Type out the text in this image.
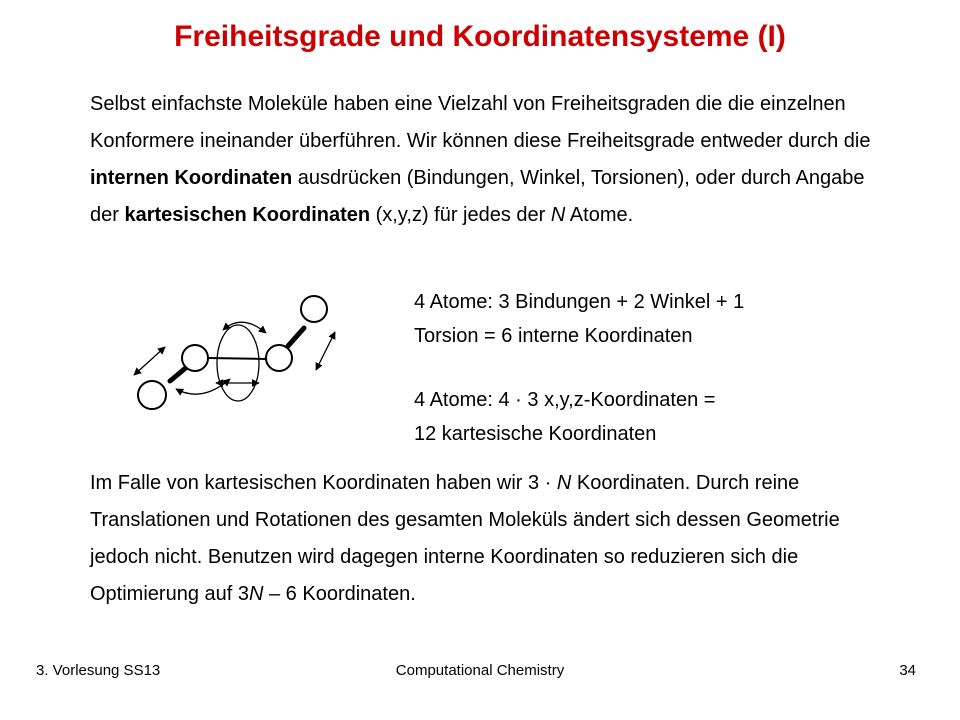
Freiheitsgrade und Koordinatensysteme (I)

Selbst einfachste Moleküle haben eine Vielzahl von Freiheitsgraden die die einzelnen Konformere ineinander überführen. Wir können diese Freiheitsgrade entweder durch die internen Koordinaten ausdrücken (Bindungen, Winkel, Torsionen), oder durch Angabe der kartesischen Koordinaten (x,y,z) für jedes der N Atome.

4 Atome: 3 Bindungen + 2 Winkel + 1
Torsion = 6 interne Koordinaten

4 Atome: 4 · 3 x,y,z-Koordinaten =
12 kartesische Koordinaten

Im Falle von kartesischen Koordinaten haben wir 3 · N Koordinaten. Durch reine Translationen und Rotationen des gesamten Moleküls ändert sich dessen Geometrie jedoch nicht. Benutzen wird dagegen interne Koordinaten so reduzieren sich die Optimierung auf 3N – 6 Koordinaten.

3. Vorlesung SS13	Computational Chemistry	34
